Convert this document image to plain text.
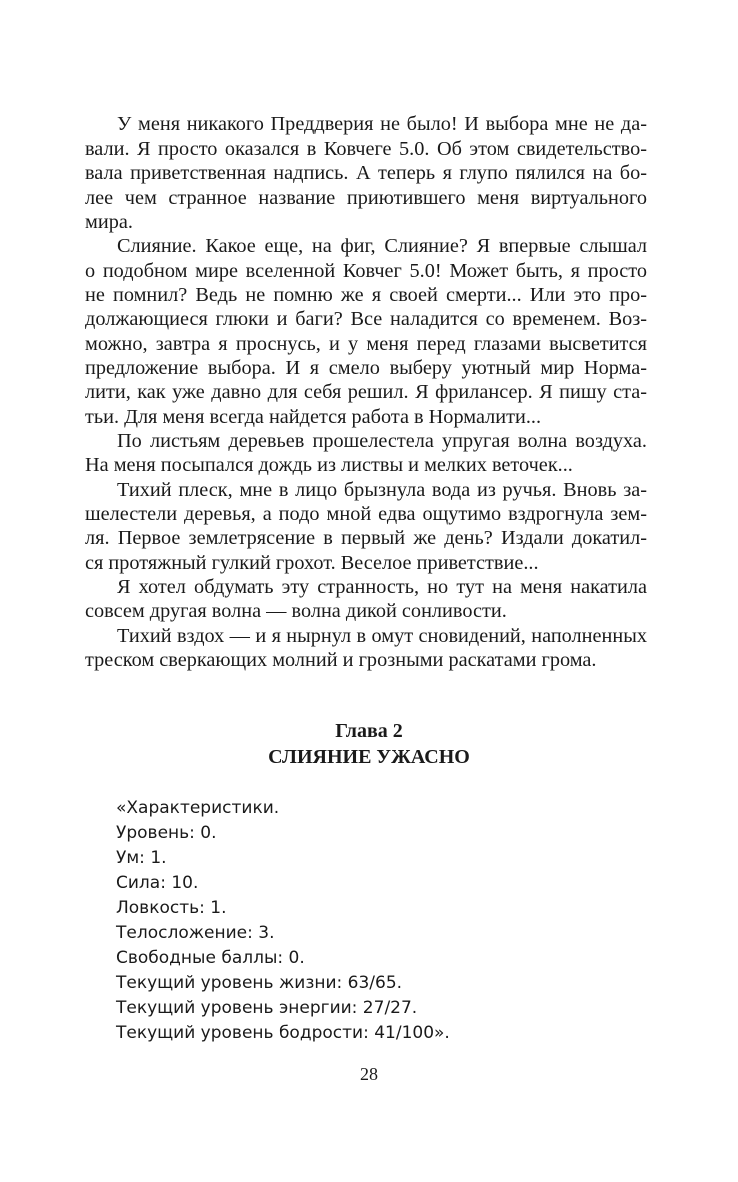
У меня никакого Преддверия не было! И выбора мне не да-
вали. Я просто оказался в Ковчеге 5.0. Об этом свидетельство-
вала приветственная надпись. А теперь я глупо пялился на бо-
лее чем странное название приютившего меня виртуального
мира.
Слияние. Какое еще, на фиг, Слияние? Я впервые слышал
о подобном мире вселенной Ковчег 5.0! Может быть, я просто
не помнил? Ведь не помню же я своей смерти... Или это про-
должающиеся глюки и баги? Все наладится со временем. Воз-
можно, завтра я проснусь, и у меня перед глазами высветится
предложение выбора. И я смело выберу уютный мир Норма-
лити, как уже давно для себя решил. Я фрилансер. Я пишу ста-
тьи. Для меня всегда найдется работа в Нормалити...
По листьям деревьев прошелестела упругая волна воздуха.
На меня посыпался дождь из листвы и мелких веточек...
Тихий плеск, мне в лицо брызнула вода из ручья. Вновь за-
шелестели деревья, а подо мной едва ощутимо вздрогнула зем-
ля. Первое землетрясение в первый же день? Издали докатил-
ся протяжный гулкий грохот. Веселое приветствие...
Я хотел обдумать эту странность, но тут на меня накатила
совсем другая волна — волна дикой сонливости.
Тихий вздох — и я нырнул в омут сновидений, наполненных
треском сверкающих молний и грозными раскатами грома.
Глава 2
СЛИЯНИЕ УЖАСНО
«Характеристики.
Уровень: 0.
Ум: 1.
Сила: 10.
Ловкость: 1.
Телосложение: 3.
Свободные баллы: 0.
Текущий уровень жизни: 63/65.
Текущий уровень энергии: 27/27.
Текущий уровень бодрости: 41/100».
28
